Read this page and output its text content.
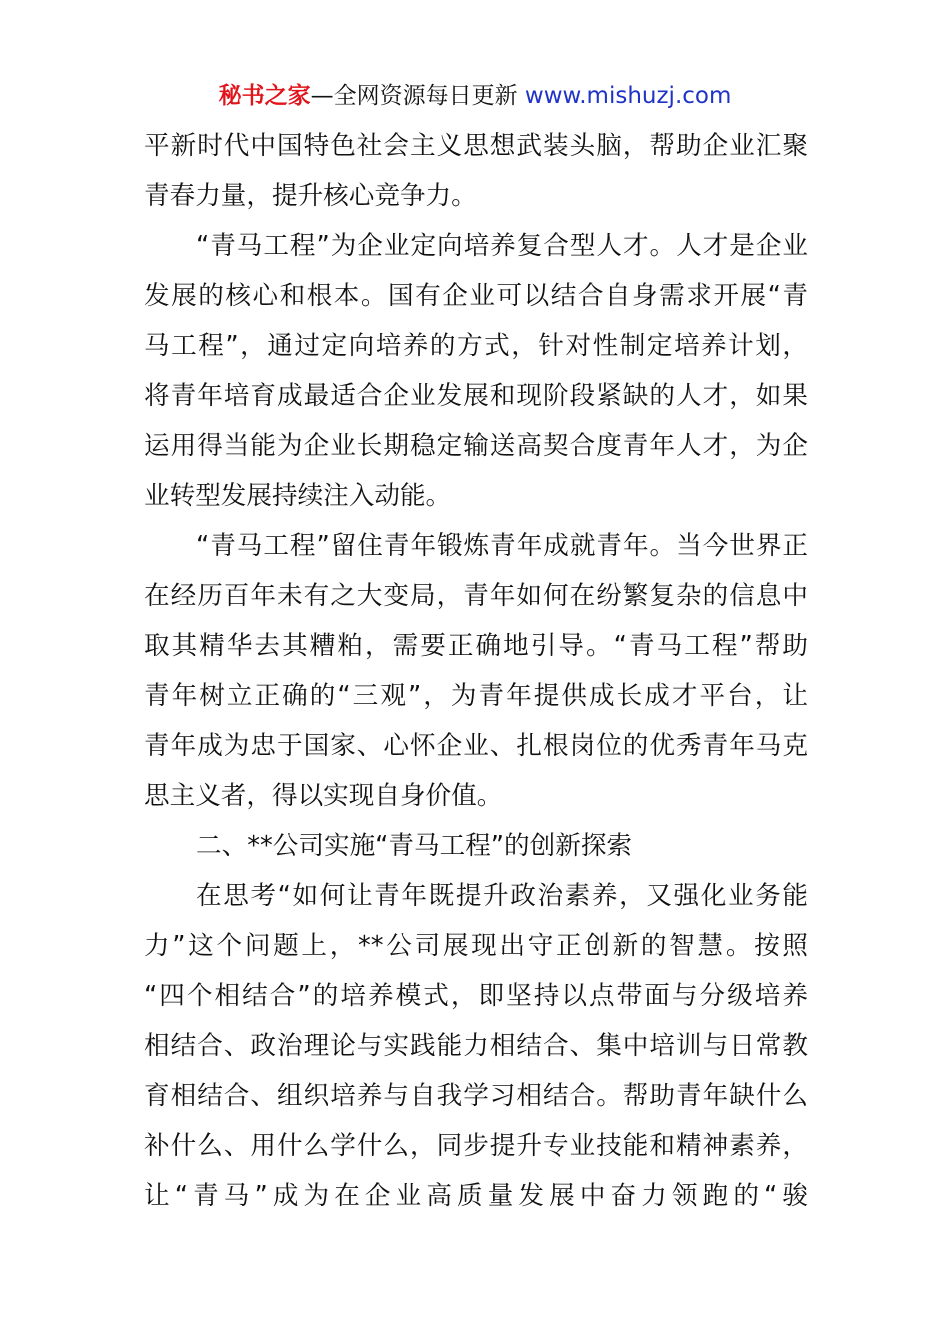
秘书之家—全网资源每日更新 www.mishuzj.com
平新时代中国特色社会主义思想武装头脑，帮助企业汇聚
青春力量，提升核心竞争力。
“青马工程”为企业定向培养复合型人才。人才是企业
发展的核心和根本。国有企业可以结合自身需求开展“青
马工程”，通过定向培养的方式，针对性制定培养计划，
将青年培育成最适合企业发展和现阶段紧缺的人才，如果
运用得当能为企业长期稳定输送高契合度青年人才，为企
业转型发展持续注入动能。
“青马工程”留住青年锻炼青年成就青年。当今世界正
在经历百年未有之大变局，青年如何在纷繁复杂的信息中
取其精华去其糟粕，需要正确地引导。“青马工程”帮助
青年树立正确的“三观”，为青年提供成长成才平台，让
青年成为忠于国家、心怀企业、扎根岗位的优秀青年马克
思主义者，得以实现自身价值。
二、**公司实施“青马工程”的创新探索
在思考“如何让青年既提升政治素养，又强化业务能
力”这个问题上，**公司展现出守正创新的智慧。按照
“四个相结合”的培养模式，即坚持以点带面与分级培养
相结合、政治理论与实践能力相结合、集中培训与日常教
育相结合、组织培养与自我学习相结合。帮助青年缺什么
补什么、用什么学什么，同步提升专业技能和精神素养，
让“青马”成为在企业高质量发展中奋力领跑的“骏
